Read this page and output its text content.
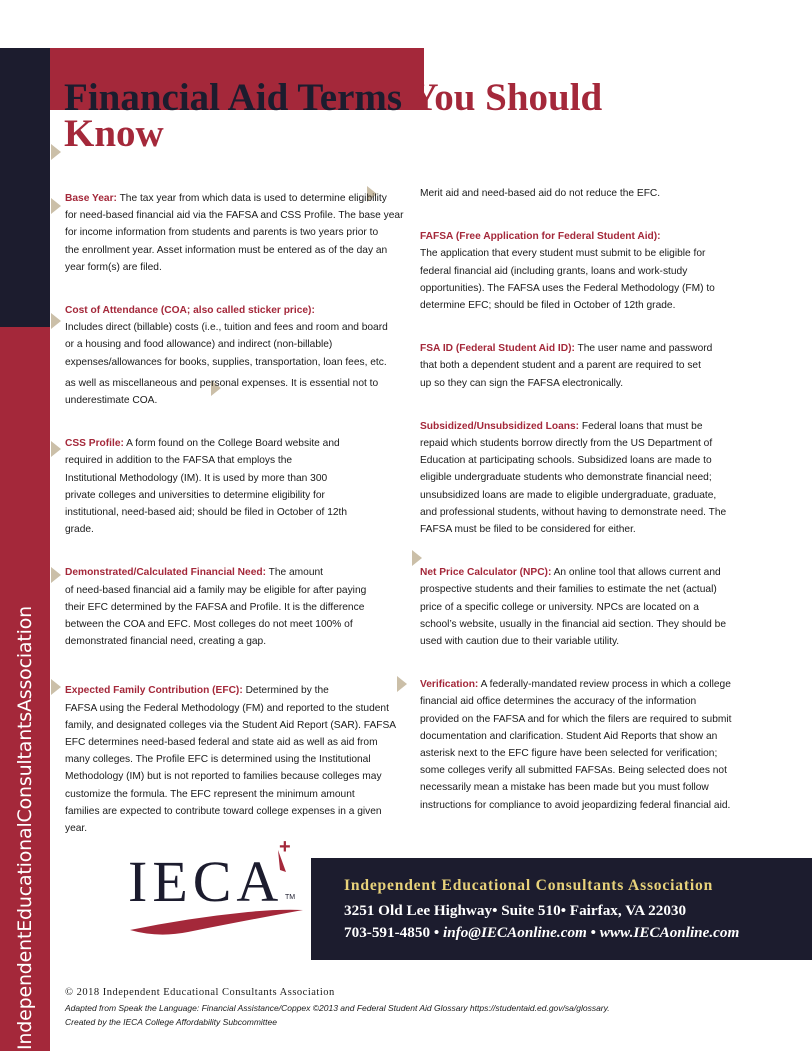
IndependentEducationalConsultantsAssociation
Financial Aid Terms You Should Know

Base Year: The tax year from which data is used to determine eligibility
for need-based financial aid via the FAFSA and CSS Profile. The base year
for income information from students and parents is two years prior to
the enrollment year. Asset information must be entered as of the day an
year form(s) are filed.

Cost of Attendance (COA; also called sticker price):
Includes direct (billable) costs (i.e., tuition and fees and room and board
or a housing and food allowance) and indirect (non-billable)
expenses/allowances for books, supplies, transportation, loan fees, etc.
as well as miscellaneous and personal expenses. It is essential not to
underestimate COA.

CSS Profile: A form found on the College Board website and
required in addition to the FAFSA that employs the
Institutional Methodology (IM). It is used by more than 300
private colleges and universities to determine eligibility for
institutional, need-based aid; should be filed in October of 12th
grade.

Demonstrated/Calculated Financial Need: The amount
of need-based financial aid a family may be eligible for after paying
their EFC determined by the FAFSA and Profile. It is the difference
between the COA and EFC. Most colleges do not meet 100% of
demonstrated financial need, creating a gap.

Expected Family Contribution (EFC): Determined by the
FAFSA using the Federal Methodology (FM) and reported to the student
family, and designated colleges via the Student Aid Report (SAR). FAFSA
EFC determines need-based federal and state aid as well as aid from
many colleges. The Profile EFC is determined using the Institutional
Methodology (IM) but is not reported to families because colleges may
customize the formula. The EFC represent the minimum amount
families are expected to contribute toward college expenses in a given
year.

Merit aid and need-based aid do not reduce the EFC.

FAFSA (Free Application for Federal Student Aid):
The application that every student must submit to be eligible for
federal financial aid (including grants, loans and work-study
opportunities). The FAFSA uses the Federal Methodology (FM) to
determine EFC; should be filed in October of 12th grade.

FSA ID (Federal Student Aid ID): The user name and password
that both a dependent student and a parent are required to set
up so they can sign the FAFSA electronically.

Subsidized/Unsubsidized Loans: Federal loans that must be
repaid which students borrow directly from the US Department of
Education at participating schools. Subsidized loans are made to
eligible undergraduate students who demonstrate financial need;
unsubsidized loans are made to eligible undergraduate, graduate,
and professional students, without having to demonstrate need. The
FAFSA must be filed to be considered for either.

Net Price Calculator (NPC): An online tool that allows current and
prospective students and their families to estimate the net (actual)
price of a specific college or university. NPCs are located on a
school’s website, usually in the financial aid section. They should be
used with caution due to their variable utility.

Verification: A federally-mandated review process in which a college
financial aid office determines the accuracy of the information
provided on the FAFSA and for which the filers are required to submit
documentation and clarification. Student Aid Reports that show an
asterisk next to the EFC figure have been selected for verification;
some colleges verify all submitted FAFSAs. Being selected does not
necessarily mean a mistake has been made but you must follow
instructions for compliance to avoid jeopardizing federal financial aid.

IECA
+
TM
Independent Educational Consultants Association
3251 Old Lee Highway• Suite 510• Fairfax, VA 22030
703-591-4850 • info@IECAonline.com • www.IECAonline.com
© 2018 Independent Educational Consultants Association
Adapted from Speak the Language: Financial Assistance/Coppex ©2013 and Federal Student Aid Glossary https://studentaid.ed.gov/sa/glossary.
Created by the IECA College Affordability Subcommittee
